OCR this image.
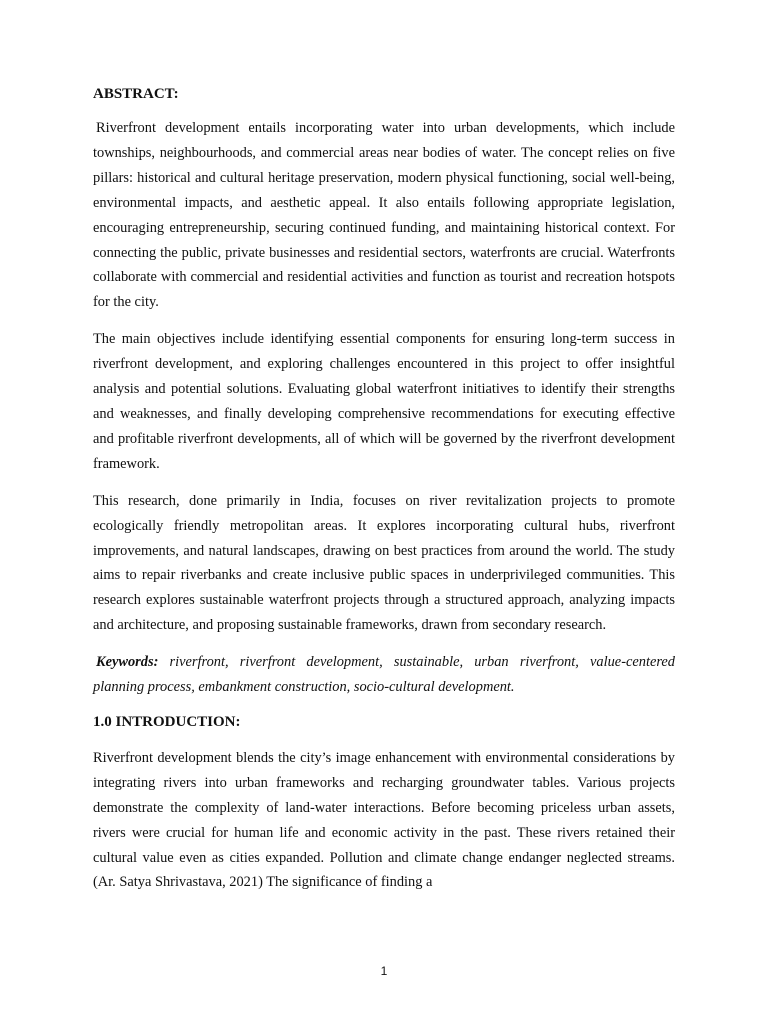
ABSTRACT:

Riverfront development entails incorporating water into urban developments, which include townships, neighbourhoods, and commercial areas near bodies of water. The concept relies on five pillars: historical and cultural heritage preservation, modern physical functioning, social well-being, environmental impacts, and aesthetic appeal. It also entails following appropriate legislation, encouraging entrepreneurship, securing continued funding, and maintaining historical context. For connecting the public, private businesses and residential sectors, waterfronts are crucial. Waterfronts collaborate with commercial and residential activities and function as tourist and recreation hotspots for the city.

The main objectives include identifying essential components for ensuring long-term success in riverfront development, and exploring challenges encountered in this project to offer insightful analysis and potential solutions. Evaluating global waterfront initiatives to identify their strengths and weaknesses, and finally developing comprehensive recommendations for executing effective and profitable riverfront developments, all of which will be governed by the riverfront development framework.

This research, done primarily in India, focuses on river revitalization projects to promote ecologically friendly metropolitan areas. It explores incorporating cultural hubs, riverfront improvements, and natural landscapes, drawing on best practices from around the world. The study aims to repair riverbanks and create inclusive public spaces in underprivileged communities. This research explores sustainable waterfront projects through a structured approach, analyzing impacts and architecture, and proposing sustainable frameworks, drawn from secondary research.

Keywords: riverfront, riverfront development, sustainable, urban riverfront, value-centered planning process, embankment construction, socio-cultural development.

1.0 INTRODUCTION:

Riverfront development blends the city’s image enhancement with environmental considerations by integrating rivers into urban frameworks and recharging groundwater tables. Various projects demonstrate the complexity of land-water interactions. Before becoming priceless urban assets, rivers were crucial for human life and economic activity in the past. These rivers retained their cultural value even as cities expanded. Pollution and climate change endanger neglected streams. (Ar. Satya Shrivastava, 2021) The significance of finding a

1
